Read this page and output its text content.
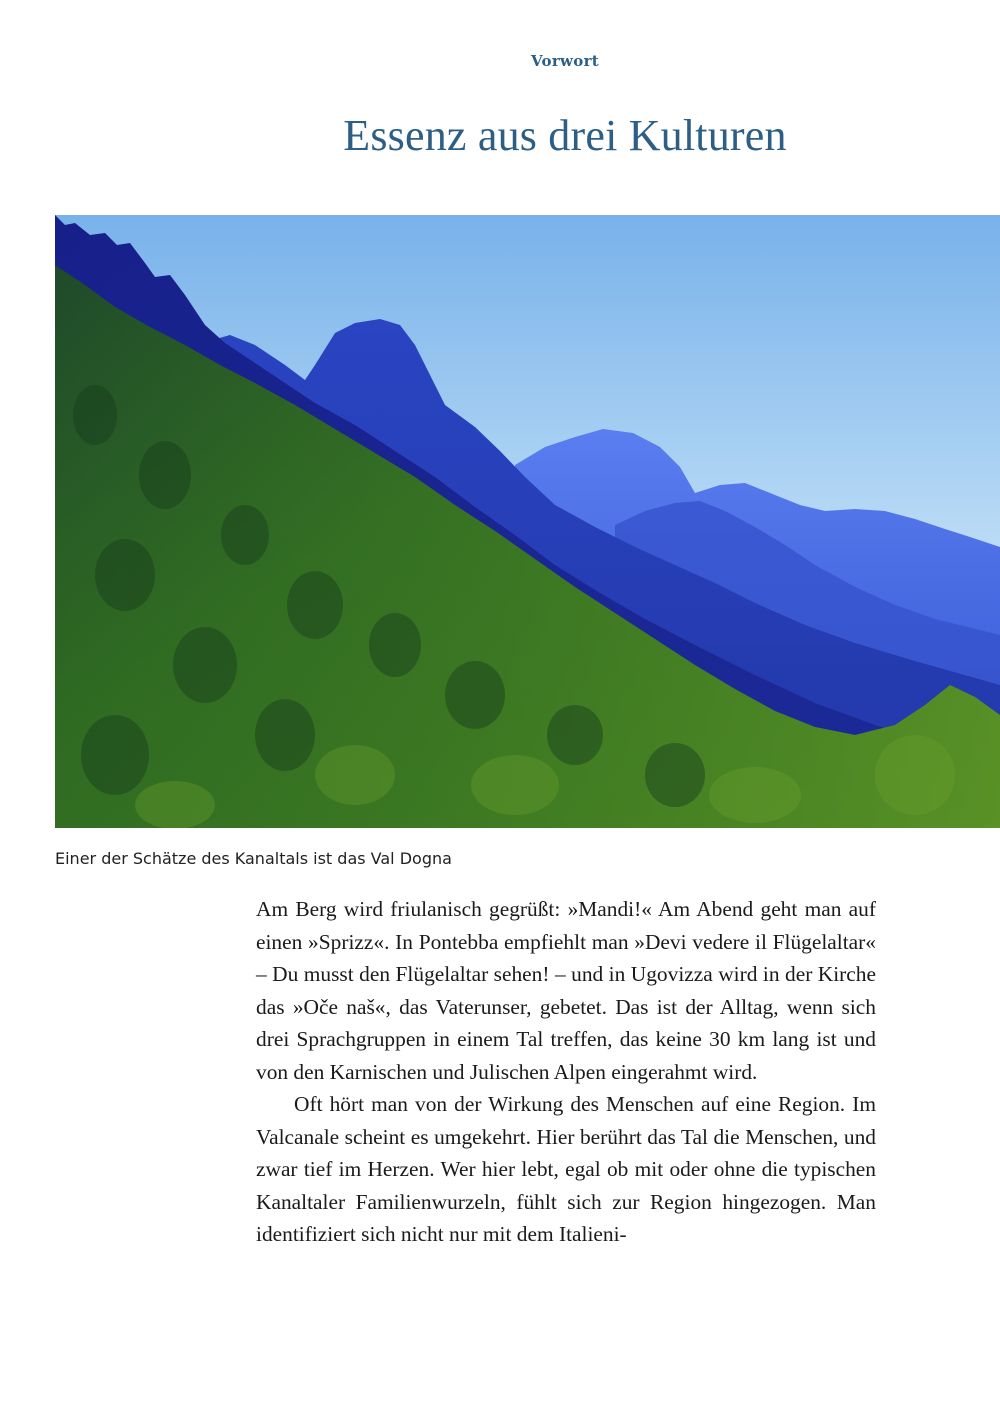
Vorwort
Essenz aus drei Kulturen
Einer der Schätze des Kanaltals ist das Val Dogna

Am Berg wird friulanisch gegrüßt: »Mandi!« Am Abend geht man auf einen »Sprizz«. In Pontebba empfiehlt man »Devi vedere il Flügelaltar« – Du musst den Flügelaltar sehen! – und in Ugovizza wird in der Kirche das »Oče naš«, das Vaterunser, gebetet. Das ist der Alltag, wenn sich drei Sprachgruppen in einem Tal treffen, das keine 30 km lang ist und von den Karnischen und Julischen Alpen eingerahmt wird.

Oft hört man von der Wirkung des Menschen auf eine Region. Im Valcanale scheint es umgekehrt. Hier berührt das Tal die Menschen, und zwar tief im Herzen. Wer hier lebt, egal ob mit oder ohne die typischen Kanaltaler Familienwurzeln, fühlt sich zur Region hingezogen. Man identifiziert sich nicht nur mit dem Italieni-
